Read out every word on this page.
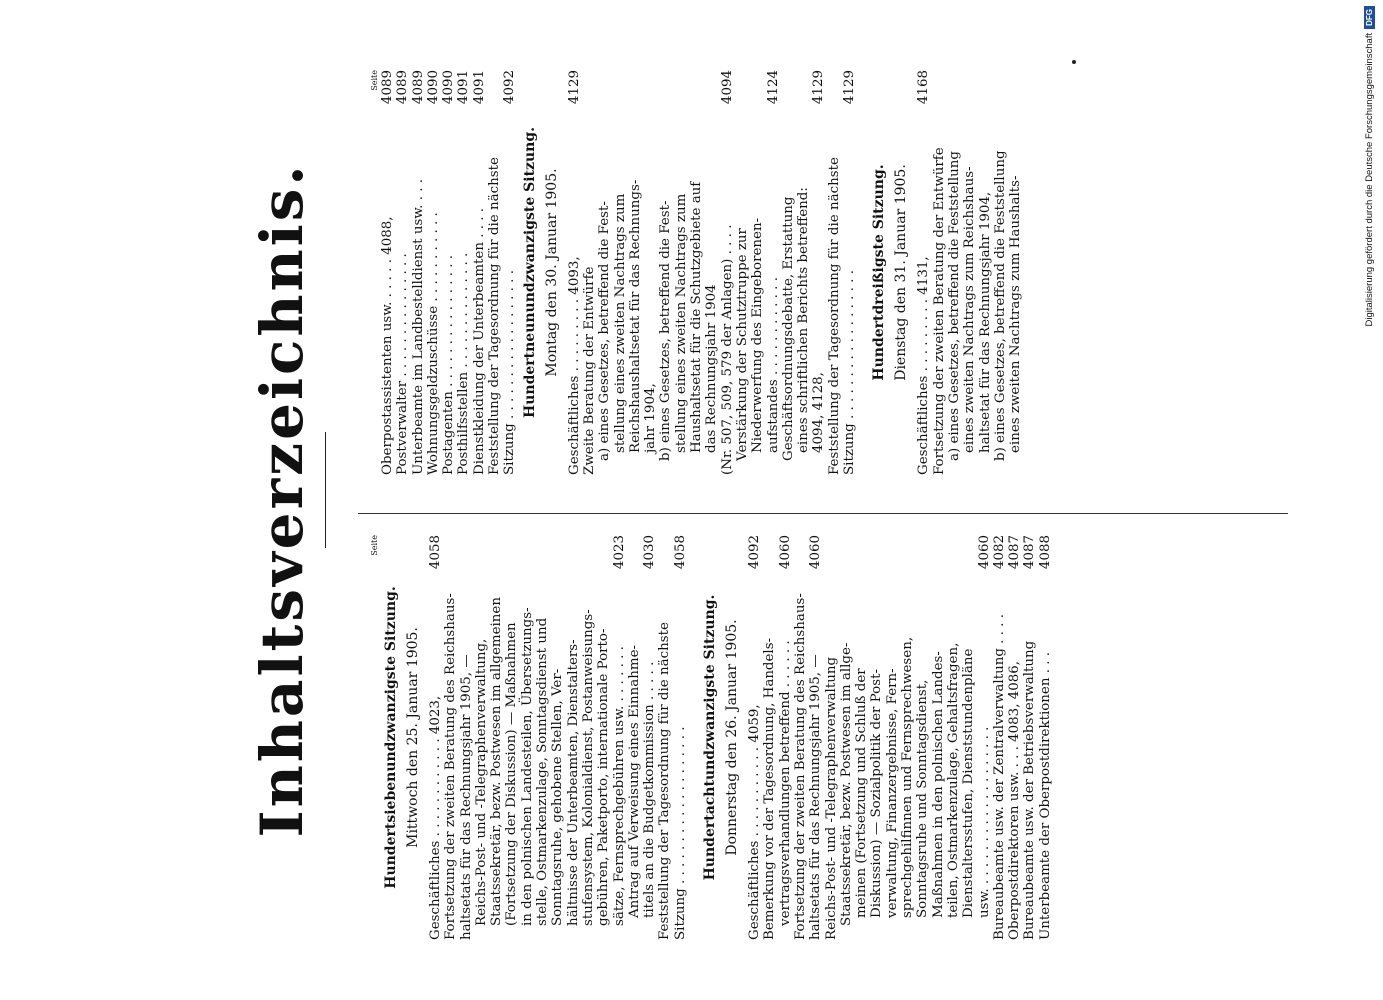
Inhaltsverzeichnis.	Seite
Hundertsiebenundzwanzigste Sitzung. Mittwoch den 25. Januar 1905.
4058
Geschäftliches . . . . . . . . . . . . 4023, Fortsetzung der zweiten Beratung des Reichshaus- haltsetats für das Rechnungsjahr 1905, — Reichs-Post- und -Telegraphenverwaltung, Staatssekretär, bezw. Postwesen im allgemeinen (Fortsetzung der Diskussion) — Maßnahmen in den polnischen Landesteilen, Übersetzungs- stelle, Ostmarkenzulage, Sonntagsdienst und Sonntagsruhe, gehobene Stellen, Ver- hältnisse der Unterbeamten, Dienstalters- stufensystem, Kolonialdienst, Postanweisungs- gebühren, Paketporto, internationale Porto-
4023
sätze, Fernsprechgebühren usw. . . . . . . . Antrag auf Verweisung eines Einnahme-
4030
titels an die Budgetkommission . . . . . Feststellung der Tagesordnung für die nächste
4058
Sitzung . . . . . . . . . . . . . . . . . . . Hundertachtundzwanzigste Sitzung. Donnerstag den 26. Januar 1905.
4092
Geschäftliches . . . . . . . . . . . 4059, Bemerkung vor der Tagesordnung, Handels-
4060
vertragsverhandlungen betreffend . . . . . . Fortsetzung der zweiten Beratung des Reichshaus-
4060
haltsetats für das Rechnungsjahr 1905, — Reichs-Post- und -Telegraphenverwaltung Staatssekretär, bezw. Postwesen im allge- meinen (Fortsetzung und Schluß der Diskussion) — Sozialpolitik der Post- verwaltung, Finanzergebnisse, Fern- sprechgehilfinnen und Fernsprechwesen, Sonntagsruhe und Sonntagsdienst, Maßnahmen in den polnischen Landes- teilen, Ostmarkenzulage, Gehaltsfragen, Dienstaltersstufen, Dienststundenpläne
4060
usw. . . . . . . . . . . . . . . . . . . .
4082
Bureaubeamte usw. der Zentralverwaltung . . . .
4087
Oberpostdirektoren usw. . . . 4083, 4086,
4087
Bureaubeamte usw. der Betriebsverwaltung
4088
Unterbeamte der Oberpostdirektionen . . .
Seite 4089
Oberpostassistenten usw. . . . . . 4088,
4089
Postverwalter . . . . . . . . . . . . . . .
4089
Unterbeamte im Landbestelldienst usw. . . .
4090
Wohnungsgeldzuschüsse . . . . . . . . . . .
4090
Postagenten . . . . . . . . . . . . . . . .
4091
Posthilfsstellen . . . . . . . . . . . . . .
4091
Dienstkleidung der Unterbeamten . . . . Feststellung der Tagesordnung für die nächste
4092
Sitzung . . . . . . . . . . . . . . . . . . Hundertneunundzwanzigste Sitzung. Montag den 30. Januar 1905.
4129
Geschäftliches . . . . . . . . . 4093, Zweite Beratung der Entwürfe a) eines Gesetzes, betreffend die Fest- stellung eines zweiten Nachtrags zum Reichshaushaltsetat für das Rechnungs- jahr 1904, b) eines Gesetzes, betreffend die Fest- stellung eines zweiten Nachtrags zum Haushaltsetat für die Schutzgebiete auf das Rechnungsjahr 1904
4094
(Nr. 507, 509, 579 der Anlagen) . . . . Verstärkung der Schutztruppe zur Niederwerfung des Eingeborenen-
4124
aufstandes . . . . . . . . . . . . Geschäftsordnungsdebatte, Erstattung eines schriftlichen Berichts betreffend:
4129
4094, 4128, Feststellung der Tagesordnung für die nächste
4129
Sitzung . . . . . . . . . . . . . . . . . . Hundertdreißigste Sitzung. Dienstag den 31. Januar 1905.
4168
Geschäftliches . . . . . . . . . 4131, Fortsetzung der zweiten Beratung der Entwürfe a) eines Gesetzes, betreffend die Feststellung eines zweiten Nachtrags zum Reichshaus- haltsetat für das Rechnungsjahr 1904, b) eines Gesetzes, betreffend die Feststellung eines zweiten Nachtrags zum Haushalts-	Digitalisierung gefördert durch die Deutsche Forschungsgemeinschaft
DFG
